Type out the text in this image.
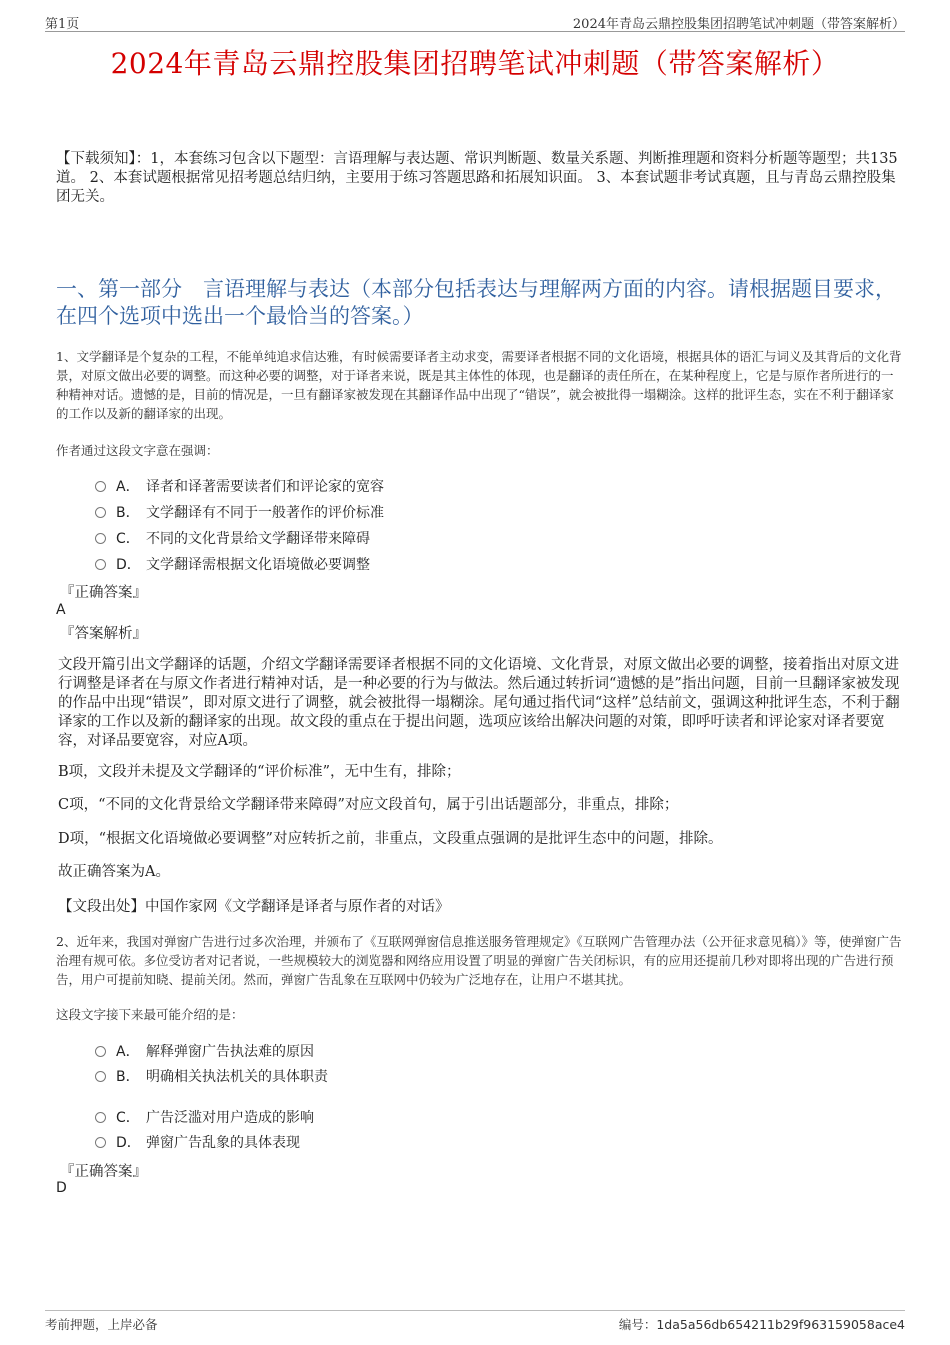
第1页	2024年青岛云鼎控股集团招聘笔试冲刺题（带答案解析）
2024年青岛云鼎控股集团招聘笔试冲刺题（带答案解析）
【下载须知】：1，本套练习包含以下题型：言语理解与表达题、常识判断题、数量关系题、判断推理题和资料分析题等题型；共135道。 2、本套试题根据常见招考题总结归纳，主要用于练习答题思路和拓展知识面。 3、本套试题非考试真题，且与青岛云鼎控股集团无关。
一、第一部分　言语理解与表达（本部分包括表达与理解两方面的内容。请根据题目要求，在四个选项中选出一个最恰当的答案。）
1、文学翻译是个复杂的工程，不能单纯追求信达雅，有时候需要译者主动求变，需要译者根据不同的文化语境，根据具体的语汇与词义及其背后的文化背景，对原文做出必要的调整。而这种必要的调整，对于译者来说，既是其主体性的体现，也是翻译的责任所在，在某种程度上，它是与原作者所进行的一种精神对话。遗憾的是，目前的情况是，一旦有翻译家被发现在其翻译作品中出现了“错误”，就会被批得一塌糊涂。这样的批评生态，实在不利于翻译家的工作以及新的翻译家的出现。
作者通过这段文字意在强调：
A． 译者和译著需要读者们和评论家的宽容
B． 文学翻译有不同于一般著作的评价标准
C． 不同的文化背景给文学翻译带来障碍
D． 文学翻译需根据文化语境做必要调整
『正确答案』
A
『答案解析』
文段开篇引出文学翻译的话题，介绍文学翻译需要译者根据不同的文化语境、文化背景，对原文做出必要的调整，接着指出对原文进行调整是译者在与原文作者进行精神对话，是一种必要的行为与做法。然后通过转折词“遗憾的是”指出问题，目前一旦翻译家被发现的作品中出现“错误”，即对原文进行了调整，就会被批得一塌糊涂。尾句通过指代词“这样”总结前文，强调这种批评生态，不利于翻译家的工作以及新的翻译家的出现。故文段的重点在于提出问题，选项应该给出解决问题的对策，即呼吁读者和评论家对译者要宽容，对译品要宽容，对应A项。
B项，文段并未提及文学翻译的“评价标准”，无中生有，排除；
C项，“不同的文化背景给文学翻译带来障碍”对应文段首句，属于引出话题部分，非重点，排除；
D项，“根据文化语境做必要调整”对应转折之前，非重点，文段重点强调的是批评生态中的问题，排除。
故正确答案为A。
【文段出处】中国作家网《文学翻译是译者与原作者的对话》
2、近年来，我国对弹窗广告进行过多次治理，并颁布了《互联网弹窗信息推送服务管理规定》《互联网广告管理办法（公开征求意见稿）》等，使弹窗广告治理有规可依。多位受访者对记者说，一些规模较大的浏览器和网络应用设置了明显的弹窗广告关闭标识，有的应用还提前几秒对即将出现的广告进行预告，用户可提前知晓、提前关闭。然而，弹窗广告乱象在互联网中仍较为广泛地存在，让用户不堪其扰。
这段文字接下来最可能介绍的是：
A． 解释弹窗广告执法难的原因
B． 明确相关执法机关的具体职责
C． 广告泛滥对用户造成的影响
D． 弹窗广告乱象的具体表现
『正确答案』
D
考前押题，上岸必备	编号：1da5a56db654211b29f963159058ace4
